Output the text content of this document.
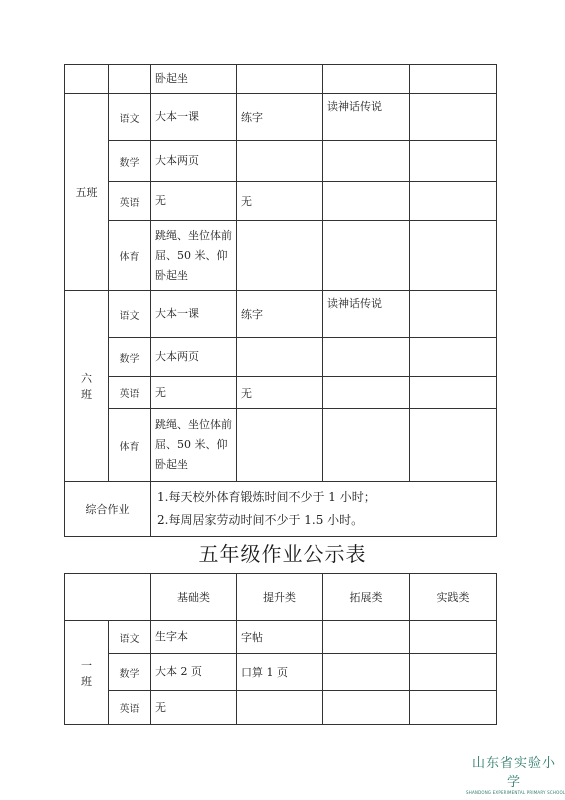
		卧起坐			
五班	语文	大本一课	练字	读神话传说	
	数学	大本两页			
	英语	无	无		
	体育	跳绳、坐位体前
屈、50 米、仰
卧起坐			

六
班	语文	大本一课	练字	读神话传说	
	数学	大本两页			
	英语	无	无		
	体育	跳绳、坐位体前
屈、50 米、仰
卧起坐			

综合作业		1.每天校外体育锻炼时间不少于 1 小时；
2.每周居家劳动时间不少于 1.5 小时。			
五年级作业公示表
		基础类	提升类	拓展类	实践类

一
班	语文	生字本	字帖		
	数学	大本 2 页	口算 1 页		
	英语	无			
山东省实验小学
SHANDONG EXPERIMENTAL PRIMARY SCHOOL
